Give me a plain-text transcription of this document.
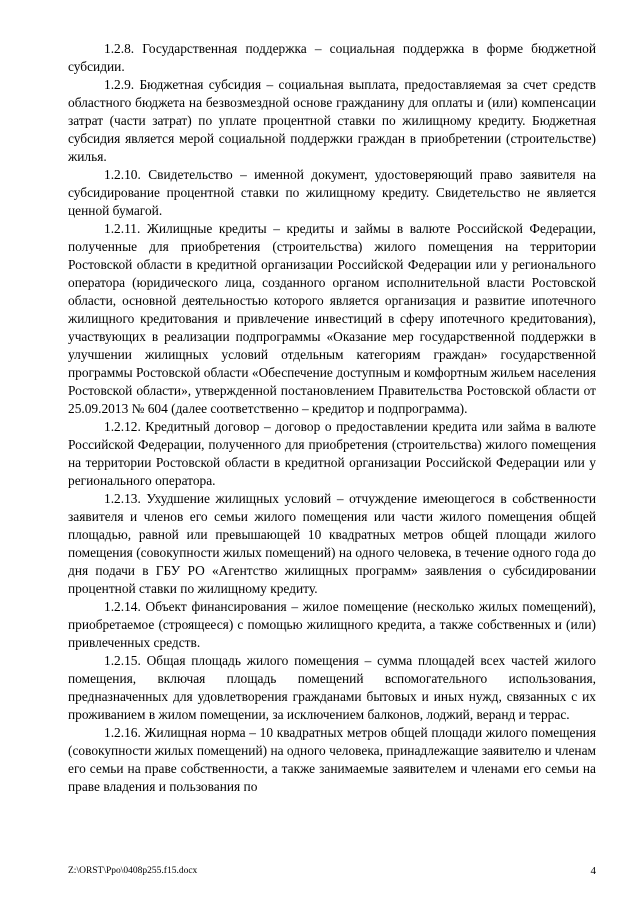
1.2.8. Государственная поддержка – социальная поддержка в форме бюджетной субсидии.

1.2.9. Бюджетная субсидия – социальная выплата, предоставляемая за счет средств областного бюджета на безвозмездной основе гражданину для оплаты и (или) компенсации затрат (части затрат) по уплате процентной ставки по жилищному кредиту. Бюджетная субсидия является мерой социальной поддержки граждан в приобретении (строительстве) жилья.

1.2.10. Свидетельство – именной документ, удостоверяющий право заявителя на субсидирование процентной ставки по жилищному кредиту. Свидетельство не является ценной бумагой.

1.2.11. Жилищные кредиты – кредиты и займы в валюте Российской Федерации, полученные для приобретения (строительства) жилого помещения на территории Ростовской области в кредитной организации Российской Федерации или у регионального оператора (юридического лица, созданного органом исполнительной власти Ростовской области, основной деятельностью которого является организация и развитие ипотечного жилищного кредитования и привлечение инвестиций в сферу ипотечного кредитования), участвующих в реализации подпрограммы «Оказание мер государственной поддержки в улучшении жилищных условий отдельным категориям граждан» государственной программы Ростовской области «Обеспечение доступным и комфортным жильем населения Ростовской области», утвержденной постановлением Правительства Ростовской области от 25.09.2013 № 604 (далее соответственно – кредитор и подпрограмма).

1.2.12. Кредитный договор – договор о предоставлении кредита или займа в валюте Российской Федерации, полученного для приобретения (строительства) жилого помещения на территории Ростовской области в кредитной организации Российской Федерации или у регионального оператора.

1.2.13. Ухудшение жилищных условий – отчуждение имеющегося в собственности заявителя и членов его семьи жилого помещения или части жилого помещения общей площадью, равной или превышающей 10 квадратных метров общей площади жилого помещения (совокупности жилых помещений) на одного человека, в течение одного года до дня подачи в ГБУ РО «Агентство жилищных программ» заявления о субсидировании процентной ставки по жилищному кредиту.

1.2.14. Объект финансирования – жилое помещение (несколько жилых помещений), приобретаемое (строящееся) с помощью жилищного кредита, а также собственных и (или) привлеченных средств.

1.2.15. Общая площадь жилого помещения – сумма площадей всех частей жилого помещения, включая площадь помещений вспомогательного использования, предназначенных для удовлетворения гражданами бытовых и иных нужд, связанных с их проживанием в жилом помещении, за исключением балконов, лоджий, веранд и террас.

1.2.16. Жилищная норма – 10 квадратных метров общей площади жилого помещения (совокупности жилых помещений) на одного человека, принадлежащие заявителю и членам его семьи на праве собственности, а также занимаемые заявителем и членами его семьи на праве владения и пользования по

Z:\ORST\Ppo\0408p255.f15.docx	4
